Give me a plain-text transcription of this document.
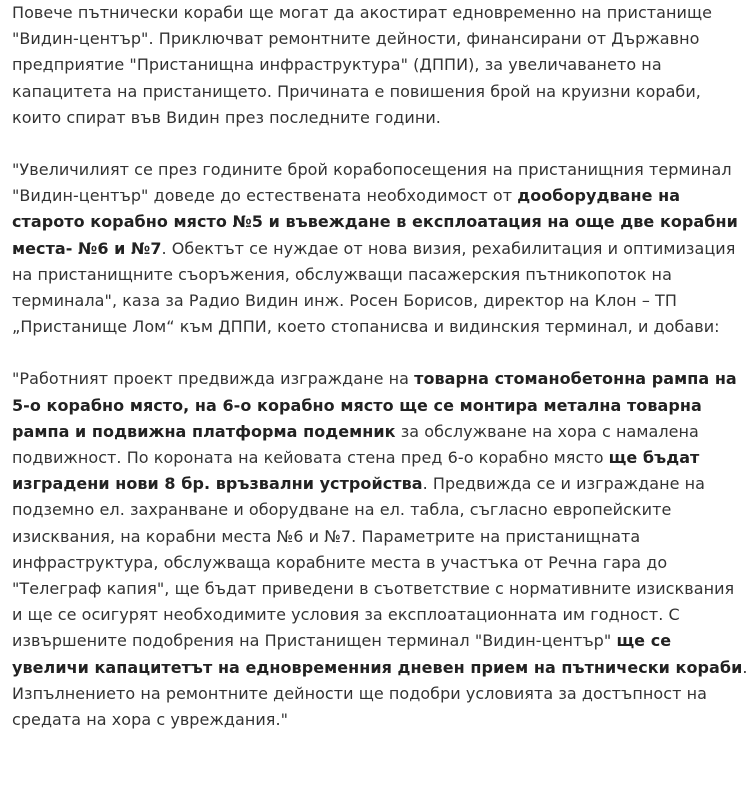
Повече пътнически кораби ще могат да акостират едновременно на пристанище "Видин-център". Приключват ремонтните дейности, финансирани от Държавно предприятие "Пристанищна инфраструктура" (ДППИ), за увеличаването на капацитета на пристанището. Причината е повишения брой на круизни кораби, които спират във Видин през последните години.

"Увеличилият се през годините брой корабопосещения на пристанищния терминал "Видин-център" доведе до естествената необходимост от дооборудване на старото корабно място №5 и въвеждане в експлоатация на още две корабни места- №6 и №7. Обектът се нуждае от нова визия, рехабилитация и оптимизация на пристанищните съоръжения, обслужващи пасажерския пътникопоток на терминала", каза за Радио Видин инж. Росен Борисов, директор на Клон – ТП „Пристанище Лом“ към ДППИ, което стопанисва и видинския терминал, и добави:

"Работният проект предвижда изграждане на товарна стоманобетонна рампа на 5-о корабно място, на 6-о корабно място ще се монтира метална товарна рампа и подвижна платформа подемник за обслужване на хора с намалена подвижност. По короната на кейовата стена пред 6-о корабно място ще бъдат изградени нови 8 бр. връзвални устройства. Предвижда се и изграждане на подземно ел. захранване и оборудване на ел. табла, съгласно европейските изисквания, на корабни места №6 и №7. Параметрите на пристанищната инфраструктура, обслужваща корабните места в участъка от Речна гара до "Телеграф капия", ще бъдат приведени в съответствие с нормативните изисквания и ще се осигурят необходимите условия за експлоатационната им годност. С извършените подобрения на Пристанищен терминал "Видин-център" ще се увеличи капацитетът на едновременния дневен прием на пътнически кораби. Изпълнението на ремонтните дейности ще подобри условията за достъпност на средата на хора с увреждания."
